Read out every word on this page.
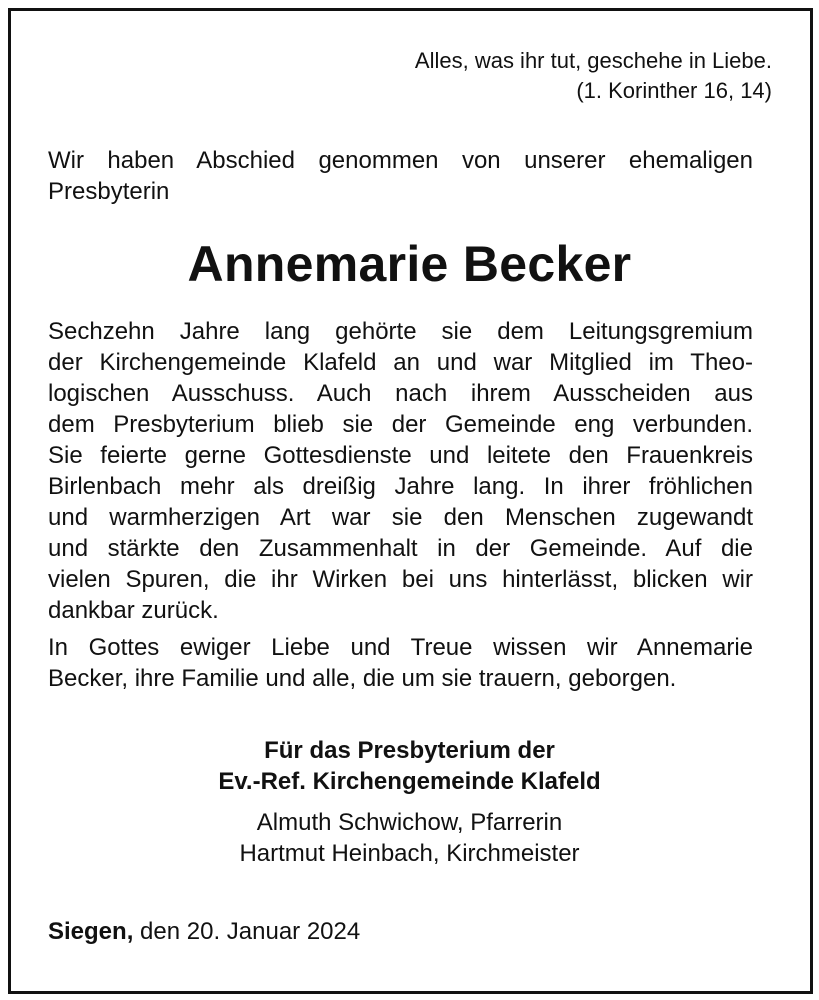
Alles, was ihr tut, geschehe in Liebe.
(1. Korinther 16, 14)
Wir haben Abschied genommen von unserer ehemaligen
Presbyterin
Annemarie Becker
Sechzehn Jahre lang gehörte sie dem Leitungsgremium
der Kirchengemeinde Klafeld an und war Mitglied im Theo-
logischen Ausschuss. Auch nach ihrem Ausscheiden aus
dem Presbyterium blieb sie der Gemeinde eng verbunden.
Sie feierte gerne Gottesdienste und leitete den Frauenkreis
Birlenbach mehr als dreißig Jahre lang. In ihrer fröhlichen
und warmherzigen Art war sie den Menschen zugewandt
und stärkte den Zusammenhalt in der Gemeinde. Auf die
vielen Spuren, die ihr Wirken bei uns hinterlässt, blicken wir
dankbar zurück.
In Gottes ewiger Liebe und Treue wissen wir Annemarie
Becker, ihre Familie und alle, die um sie trauern, geborgen.
Für das Presbyterium der
Ev.-Ref. Kirchengemeinde Klafeld
Almuth Schwichow, Pfarrerin
Hartmut Heinbach, Kirchmeister
Siegen, den 20. Januar 2024
